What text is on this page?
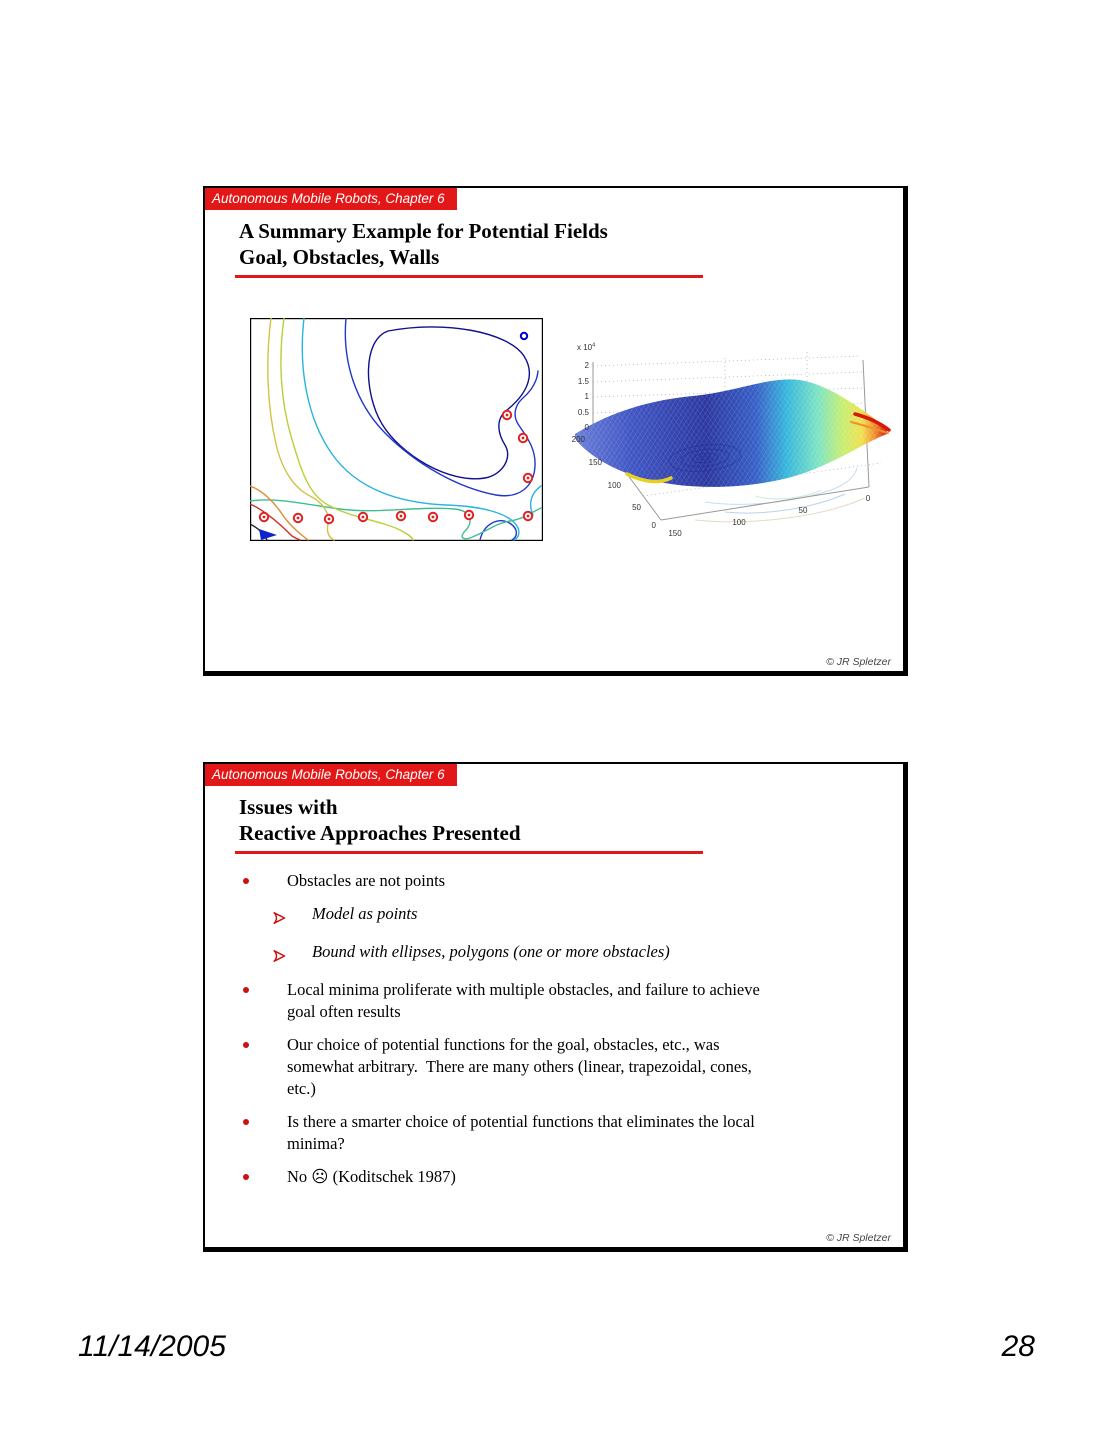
Autonomous Mobile Robots, Chapter 6
A Summary Example for Potential Fields
Goal, Obstacles, Walls
x $10^4$
2
1.5
1
0.5
0
200
150
100
50
0
150
100
50
0
© JR Spletzer
Autonomous Mobile Robots, Chapter 6
Issues with
Reactive Approaches Presented
Obstacles are not points
Model as points
Bound with ellipses, polygons (one or more obstacles)
Local minima proliferate with multiple obstacles, and failure to achieve
goal often results
Our choice of potential functions for the goal, obstacles, etc., was
somewhat arbitrary.  There are many others (linear, trapezoidal, cones,
etc.)
Is there a smarter choice of potential functions that eliminates the local
minima?
No ☹ (Koditschek 1987)
© JR Spletzer
11/14/2005	28
